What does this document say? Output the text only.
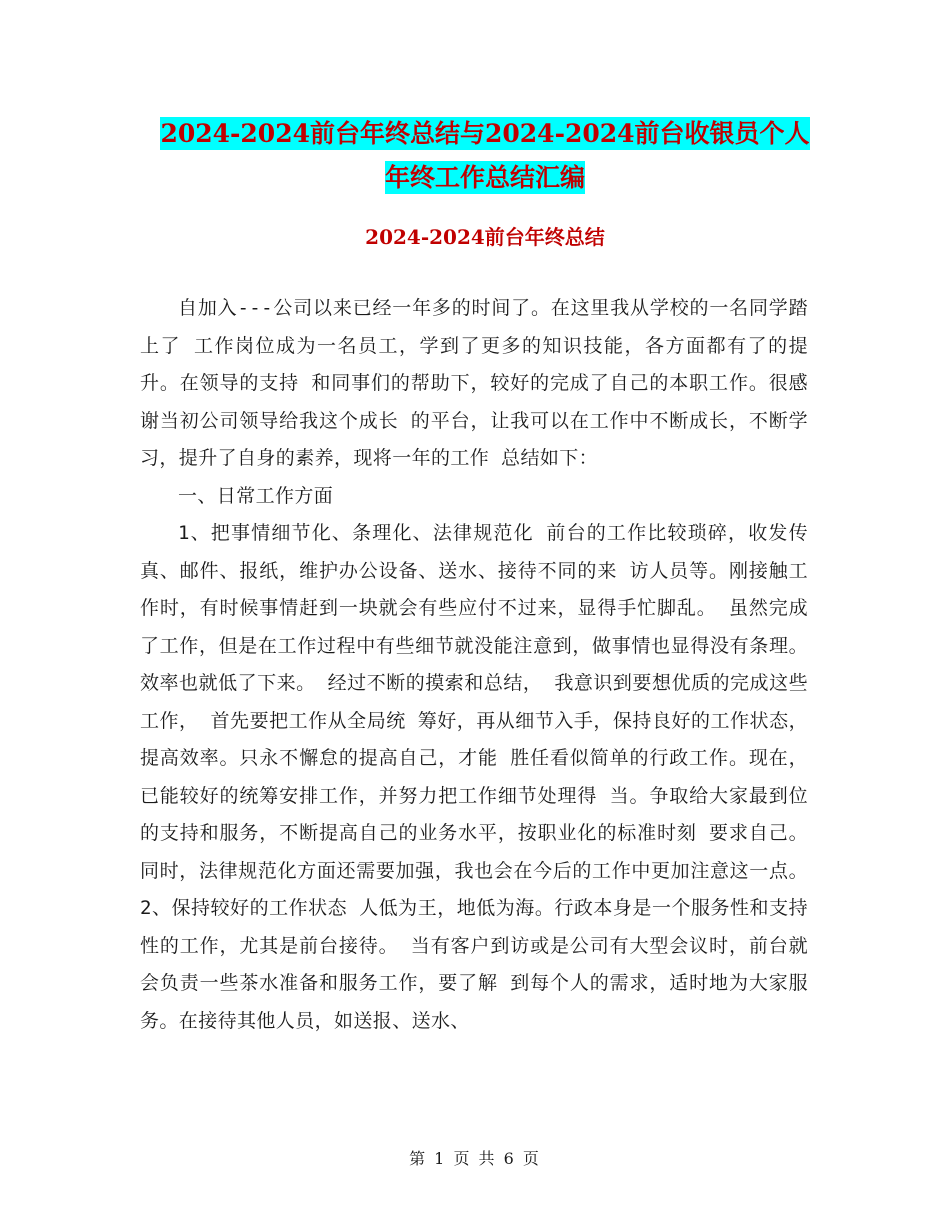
2024-2024前台年终总结与2024-2024前台收银员个人
年终工作总结汇编
2024-2024前台年终总结

自加入---公司以来已经一年多的时间了。在这里我从学校的一名同学踏上了 工作岗位成为一名员工，学到了更多的知识技能，各方面都有了的提升。在领导的支持 和同事们的帮助下，较好的完成了自己的本职工作。很感谢当初公司领导给我这个成长 的平台，让我可以在工作中不断成长，不断学习，提升了自身的素养，现将一年的工作 总结如下：

一、日常工作方面

1、把事情细节化、条理化、法律规范化 前台的工作比较琐碎，收发传真、邮件、报纸，维护办公设备、送水、接待不同的来 访人员等。刚接触工作时，有时候事情赶到一块就会有些应付不过来，显得手忙脚乱。 虽然完成了工作，但是在工作过程中有些细节就没能注意到，做事情也显得没有条理。 效率也就低了下来。 经过不断的摸索和总结， 我意识到要想优质的完成这些工作， 首先要把工作从全局统 筹好，再从细节入手，保持良好的工作状态，提高效率。只永不懈怠的提高自己，才能 胜任看似简单的行政工作。现在，已能较好的统筹安排工作，并努力把工作细节处理得 当。争取给大家最到位的支持和服务，不断提高自己的业务水平，按职业化的标准时刻 要求自己。同时，法律规范化方面还需要加强，我也会在今后的工作中更加注意这一点。 2、保持较好的工作状态 人低为王，地低为海。行政本身是一个服务性和支持性的工作，尤其是前台接待。 当有客户到访或是公司有大型会议时，前台就会负责一些茶水准备和服务工作，要了解 到每个人的需求，适时地为大家服务。在接待其他人员，如送报、送水、

第 1 页 共 6 页
